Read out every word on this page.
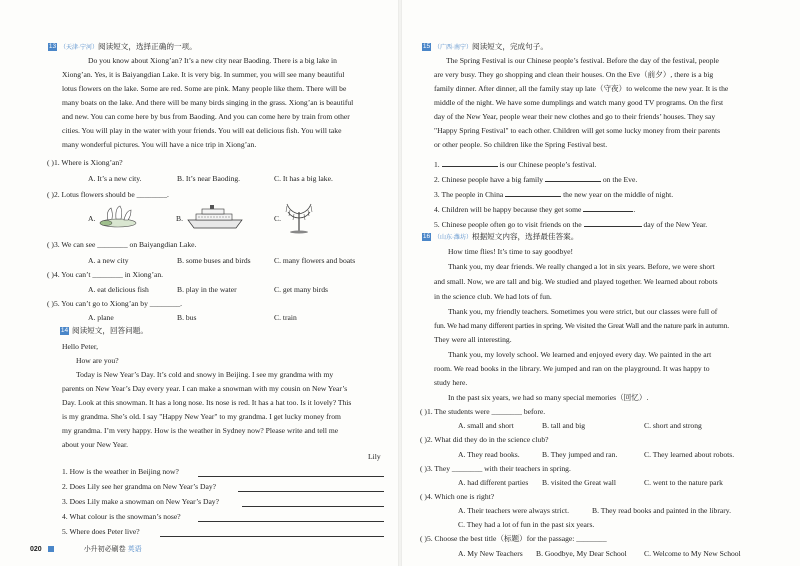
13 （天津·宁河）阅读短文，选择正确的一项。
Do you know about Xiong’an? It’s a new city near Baoding. There is a big lake in
Xiong’an. Yes, it is Baiyangdian Lake. It is very big. In summer, you will see many beautiful
lotus flowers on the lake. Some are red. Some are pink. Many people like them. There will be
many boats on the lake. And there will be many birds singing in the grass. Xiong’an is beautiful
and new. You can come here by bus from Baoding. And you can come here by train from other
cities. You will play in the water with your friends. You will eat delicious fish. You will take
many wonderful pictures. You will have a nice trip in Xiong’an.
( )1. Where is Xiong’an?
A. It’s a new city.	B. It’s near Baoding.	C. It has a big lake.
( )2. Lotus flowers should be ________.
A.	B.	C.
( )3. We can see ________ on Baiyangdian Lake.
A. a new city	B. some buses and birds	C. many flowers and boats
( )4. You can’t ________ in Xiong’an.
A. eat delicious fish	B. play in the water	C. get many birds
( )5. You can’t go to Xiong’an by ________.
A. plane	B. bus	C. train
14 阅读短文，回答问题。
Hello Peter,
How are you?
Today is New Year’s Day. It’s cold and snowy in Beijing. I see my grandma with my
parents on New Year’s Day every year. I can make a snowman with my cousin on New Year’s
Day. Look at this snowman. It has a long nose. Its nose is red. It has a hat too. Is it lovely? This
is my grandma. She’s old. I say "Happy New Year" to my grandma. I get lucky money from
my grandma. I’m very happy. How is the weather in Sydney now? Please write and tell me
about your New Year.
Lily
1. How is the weather in Beijing now?
2. Does Lily see her grandma on New Year’s Day?
3. Does Lily make a snowman on New Year’s Day?
4. What colour is the snowman’s nose?
5. Where does Peter live?
020	小升初必刷卷 英语
15 （广西·南宁）阅读短文，完成句子。
The Spring Festival is our Chinese people’s festival. Before the day of the festival, people
are very busy. They go shopping and clean their houses. On the Eve（前夕）, there is a big
family dinner. After dinner, all the family stay up late（守夜）to welcome the new year. It is the
middle of the night. We have some dumplings and watch many good TV programs. On the first
day of the New Year, people wear their new clothes and go to their friends’ houses. They say
"Happy Spring Festival" to each other. Children will get some lucky money from their parents
or other people. So children like the Spring Festival best.
1.	is our Chinese people’s festival.
2. Chinese people have a big family	on the Eve.
3. The people in China	the new year on the middle of night.
4. Children will be happy because they get some	.
5. Chinese people often go to visit friends on the	day of the New Year.
16 （山东·潍坊）根据短文内容，选择最佳答案。
How time flies! It’s time to say goodbye!
Thank you, my dear friends. We really changed a lot in six years. Before, we were short
and small. Now, we are tall and big. We studied and played together. We learned about robots
in the science club. We had lots of fun.
Thank you, my friendly teachers. Sometimes you were strict, but our classes were full of
fun. We had many different parties in spring. We visited the Great Wall and the nature park in autumn.
They were all interesting.
Thank you, my lovely school. We learned and enjoyed every day. We painted in the art
room. We read books in the library. We jumped and ran on the playground. It was happy to
study here.
In the past six years, we had so many special memories（回忆）.
( )1. The students were ________ before.
A. small and short	B. tall and big	C. short and strong
( )2. What did they do in the science club?
A. They read books.	B. They jumped and ran.	C. They learned about robots.
( )3. They ________ with their teachers in spring.
A. had different parties B. visited the Great wall	C. went to the nature park
( )4. Which one is right?
A. Their teachers were always strict.	B. They read books and painted in the library.
C. They had a lot of fun in the past six years.
( )5. Choose the best title（标题）for the passage: ________
A. My New Teachers B. Goodbye, My Dear School C. Welcome to My New School
